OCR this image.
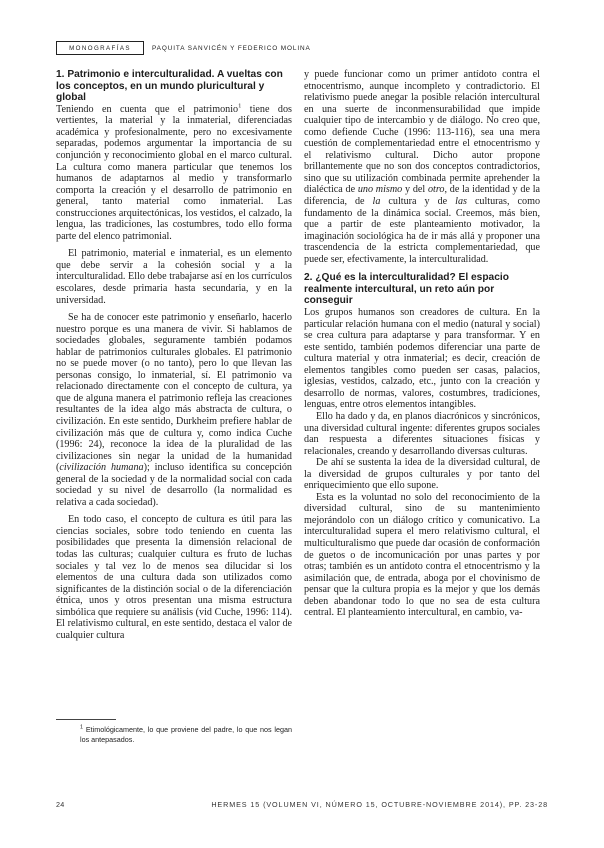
MONOGRAFÍAS	PAQUITA SANVICÉN Y FEDERICO MOLINA
1. Patrimonio e interculturalidad. A vueltas con los conceptos, en un mundo pluricultural y global

Teniendo en cuenta que el patrimonio$^1$ tiene dos vertientes, la material y la inmaterial, diferenciadas académica y profesionalmente, pero no excesivamente separadas, podemos argumentar la importancia de su conjunción y reconocimiento global en el marco cultural. La cultura como manera particular que tenemos los humanos de adaptarnos al medio y transformarlo comporta la creación y el desarrollo de patrimonio en general, tanto material como inmaterial. Las construcciones arquitectónicas, los vestidos, el calzado, la lengua, las tradiciones, las costumbres, todo ello forma parte del elenco patrimonial.

El patrimonio, material e inmaterial, es un elemento que debe servir a la cohesión social y a la interculturalidad. Ello debe trabajarse así en los currículos escolares, desde primaria hasta secundaria, y en la universidad.

Se ha de conocer este patrimonio y enseñarlo, hacerlo nuestro porque es una manera de vivir. Si hablamos de sociedades globales, seguramente también podamos hablar de patrimonios culturales globales. El patrimonio no se puede mover (o no tanto), pero lo que llevan las personas consigo, lo inmaterial, sí. El patrimonio va relacionado directamente con el concepto de cultura, ya que de alguna manera el patrimonio refleja las creaciones resultantes de la idea algo más abstracta de cultura, o civilización. En este sentido, Durkheim prefiere hablar de civilización más que de cultura y, como indica Cuche (1996: 24), reconoce la idea de la pluralidad de las civilizaciones sin negar la unidad de la humanidad (civilización humana); incluso identifica su concepción general de la sociedad y de la normalidad social con cada sociedad y su nivel de desarrollo (la normalidad es relativa a cada sociedad).

En todo caso, el concepto de cultura es útil para las ciencias sociales, sobre todo teniendo en cuenta las posibilidades que presenta la dimensión relacional de todas las culturas; cualquier cultura es fruto de luchas sociales y tal vez lo de menos sea dilucidar si los elementos de una cultura dada son utilizados como significantes de la distinción social o de la diferenciación étnica, unos y otros presentan una misma estructura simbólica que requiere su análisis (vid Cuche, 1996: 114). El relativismo cultural, en este sentido, destaca el valor de cualquier cultura

y puede funcionar como un primer antídoto contra el etnocentrismo, aunque incompleto y contradictorio. El relativismo puede anegar la posible relación intercultural en una suerte de inconmensurabilidad que impide cualquier tipo de intercambio y de diálogo. No creo que, como defiende Cuche (1996: 113-116), sea una mera cuestión de complementariedad entre el etnocentrismo y el relativismo cultural. Dicho autor propone brillantemente que no son dos conceptos contradictorios, sino que su utilización combinada permite aprehender la dialéctica de uno mismo y del otro, de la identidad y de la diferencia, de la cultura y de las culturas, como fundamento de la dinámica social. Creemos, más bien, que a partir de este planteamiento motivador, la imaginación sociológica ha de ir más allá y proponer una trascendencia de la estricta complementariedad, que puede ser, efectivamente, la interculturalidad.

2. ¿Qué es la interculturalidad? El espacio realmente intercultural, un reto aún por conseguir

Los grupos humanos son creadores de cultura. En la particular relación humana con el medio (natural y social) se crea cultura para adaptarse y para transformar. Y en este sentido, también podemos diferenciar una parte de cultura material y otra inmaterial; es decir, creación de elementos tangibles como pueden ser casas, palacios, iglesias, vestidos, calzado, etc., junto con la creación y desarrollo de normas, valores, costumbres, tradiciones, lenguas, entre otros elementos intangibles.

Ello ha dado y da, en planos diacrónicos y sincrónicos, una diversidad cultural ingente: diferentes grupos sociales dan respuesta a diferentes situaciones físicas y relacionales, creando y desarrollando diversas culturas.

De ahí se sustenta la idea de la diversidad cultural, de la diversidad de grupos culturales y por tanto del enriquecimiento que ello supone.

Esta es la voluntad no solo del reconocimiento de la diversidad cultural, sino de su mantenimiento mejorándolo con un diálogo crítico y comunicativo. La interculturalidad supera el mero relativismo cultural, el multiculturalismo que puede dar ocasión de conformación de guetos o de incomunicación por unas partes y por otras; también es un antídoto contra el etnocentrismo y la asimilación que, de entrada, aboga por el chovinismo de pensar que la cultura propia es la mejor y que los demás deben abandonar todo lo que no sea de esta cultura central. El planteamiento intercultural, en cambio, va-

$^1$ Etimológicamente, lo que proviene del padre, lo que nos legan los antepasados.
24	HERMES 15 (VOLUMEN VI, NÚMERO 15, OCTUBRE-NOVIEMBRE 2014), PP. 23-28
